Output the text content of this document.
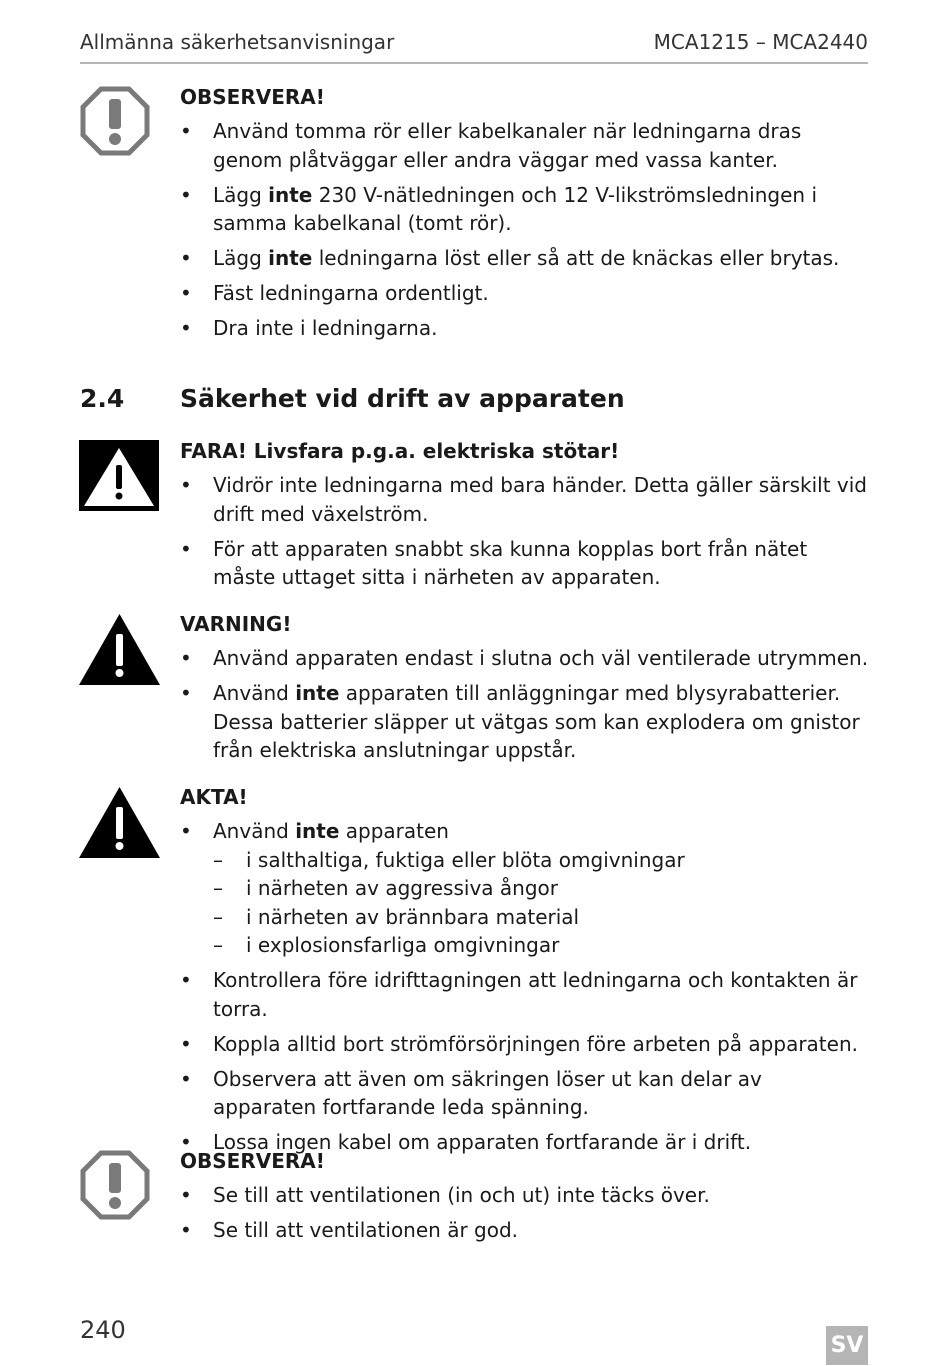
Allmänna säkerhetsanvisningar	MCA1215 – MCA2440
OBSERVERA!
• Använd tomma rör eller kabelkanaler när ledningarna dras genom plåtväggar eller andra väggar med vassa kanter.
• Lägg inte 230 V-nätledningen och 12 V-likströmsledningen i samma kabelkanal (tomt rör).
• Lägg inte ledningarna löst eller så att de knäckas eller brytas.
• Fäst ledningarna ordentligt.
• Dra inte i ledningarna.
2.4 Säkerhet vid drift av apparaten
FARA! Livsfara p.g.a. elektriska stötar!
• Vidrör inte ledningarna med bara händer. Detta gäller särskilt vid drift med växelström.
• För att apparaten snabbt ska kunna kopplas bort från nätet måste uttaget sitta i närheten av apparaten.
VARNING!
• Använd apparaten endast i slutna och väl ventilerade utrymmen.
• Använd inte apparaten till anläggningar med blysyrabatterier. Dessa batterier släpper ut vätgas som kan explodera om gnistor från elektriska anslutningar uppstår.
AKTA!
• Använd inte apparaten
– i salthaltiga, fuktiga eller blöta omgivningar
– i närheten av aggressiva ångor
– i närheten av brännbara material
– i explosionsfarliga omgivningar
• Kontrollera före idrifttagningen att ledningarna och kontakten är torra.
• Koppla alltid bort strömförsörjningen före arbeten på apparaten.
• Observera att även om säkringen löser ut kan delar av apparaten fortfarande leda spänning.
• Lossa ingen kabel om apparaten fortfarande är i drift.
OBSERVERA!
• Se till att ventilationen (in och ut) inte täcks över.
• Se till att ventilationen är god.
240
SV
